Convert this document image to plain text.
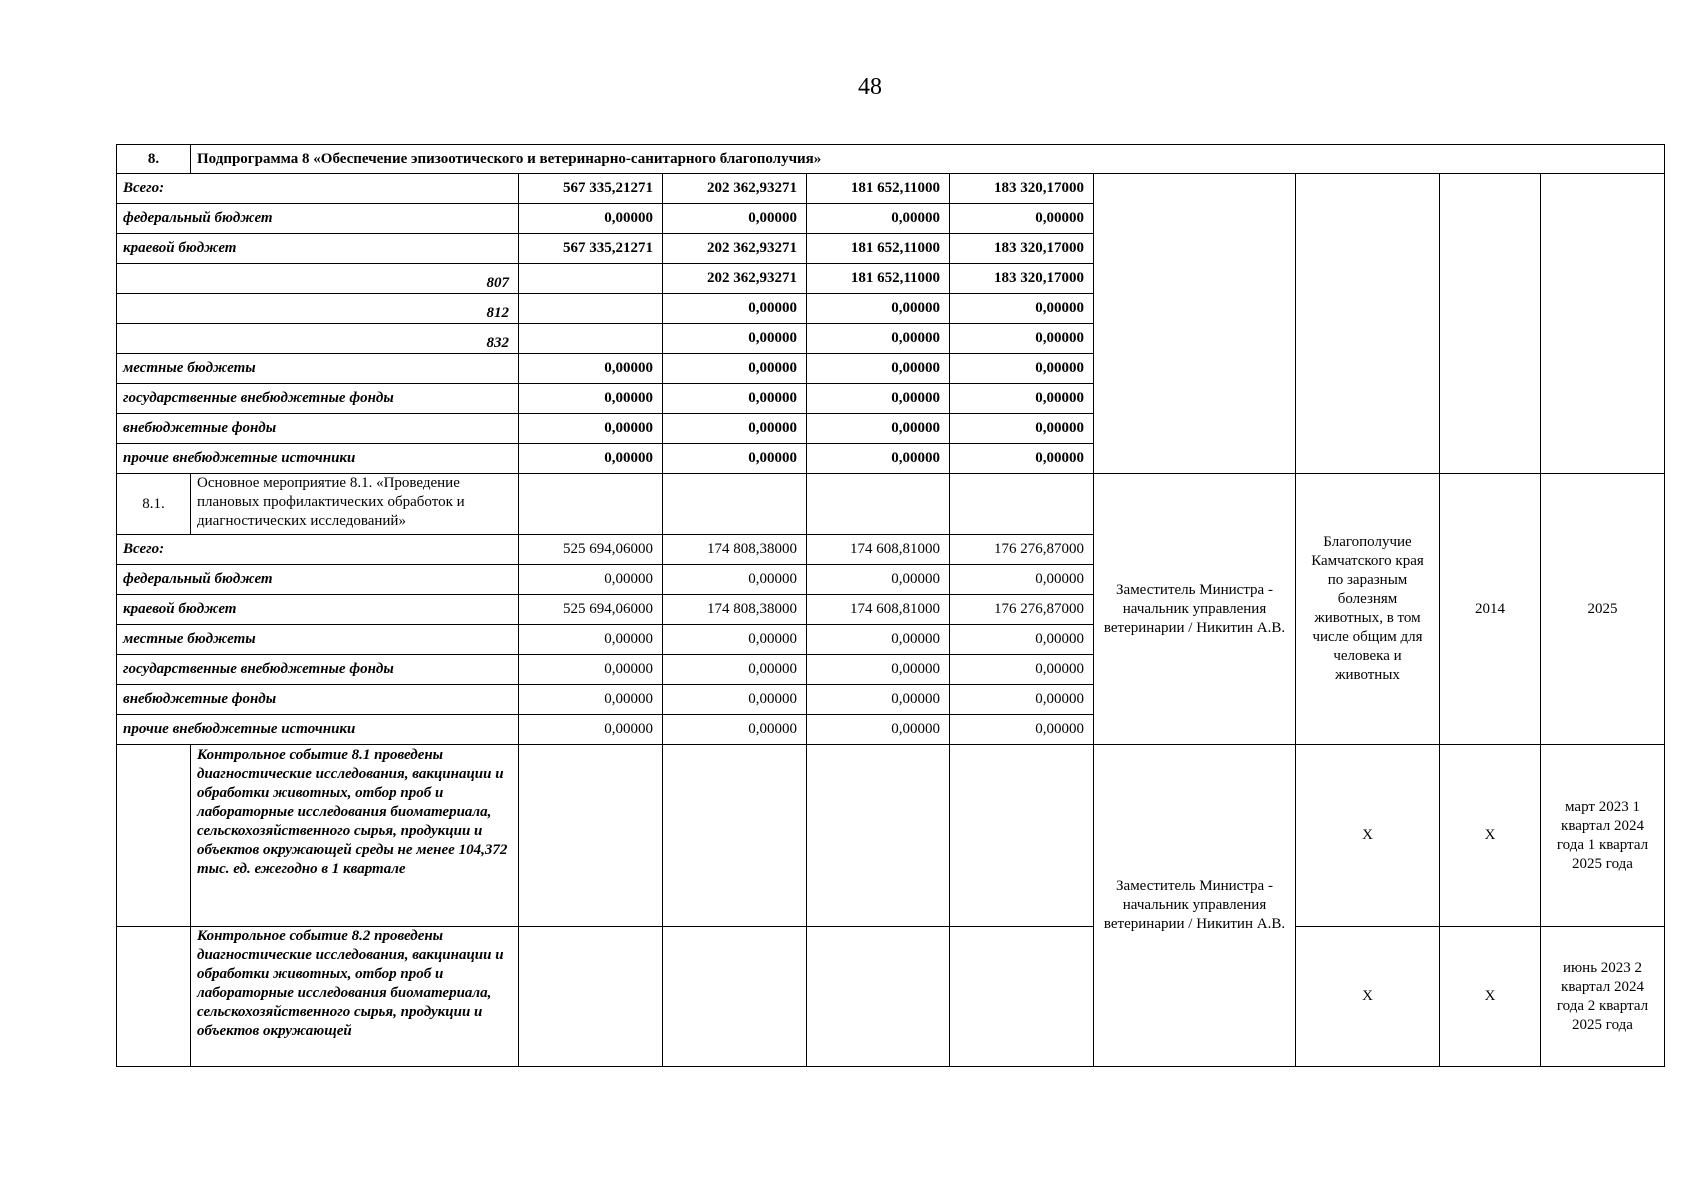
48
8.	Подпрограмма 8 «Обеспечение эпизоотического и ветеринарно-санитарного благополучия»								
Всего:		567 335,21271	202 362,93271	181 652,11000	183 320,17000				
федеральный бюджет		0,00000	0,00000	0,00000	0,00000				
краевой бюджет		567 335,21271	202 362,93271	181 652,11000	183 320,17000				
807			202 362,93271	181 652,11000	183 320,17000				
812			0,00000	0,00000	0,00000				
832			0,00000	0,00000	0,00000				
местные бюджеты		0,00000	0,00000	0,00000	0,00000				
государственные внебюджетные фонды		0,00000	0,00000	0,00000	0,00000				
внебюджетные фонды		0,00000	0,00000	0,00000	0,00000				
прочие внебюджетные источники		0,00000	0,00000	0,00000	0,00000				
8.1.	Основное мероприятие 8.1. «Проведение плановых профилактических обработок и диагностических исследований»					Заместитель Министра - начальник управления ветеринарии / Никитин А.В.	Благополучие Камчатского края по заразным болезням животных, в том числе общим для человека и животных	2014	2025
Всего:		525 694,06000	174 808,38000	174 608,81000	176 276,87000				
федеральный бюджет		0,00000	0,00000	0,00000	0,00000				
краевой бюджет		525 694,06000	174 808,38000	174 608,81000	176 276,87000				
местные бюджеты		0,00000	0,00000	0,00000	0,00000				
государственные внебюджетные фонды		0,00000	0,00000	0,00000	0,00000				
внебюджетные фонды		0,00000	0,00000	0,00000	0,00000				
прочие внебюджетные источники		0,00000	0,00000	0,00000	0,00000				
	Контрольное событие 8.1 проведены диагностические исследования, вакцинации и обработки животных, отбор проб и лабораторные исследования биоматериала, сельскохозяйственного сырья, продукции и объектов окружающей среды не менее 104,372 тыс. ед. ежегодно в 1 квартале					Заместитель Министра - начальник управления ветеринарии / Никитин А.В.	Х	Х	март 2023 1 квартал 2024 года 1 квартал 2025 года
	Контрольное событие 8.2 проведены диагностические исследования, вакцинации и обработки животных, отбор проб и лабораторные исследования биоматериала, сельскохозяйственного сырья, продукции и объектов окружающей						Х	Х	июнь 2023 2 квартал 2024 года 2 квартал 2025 года
